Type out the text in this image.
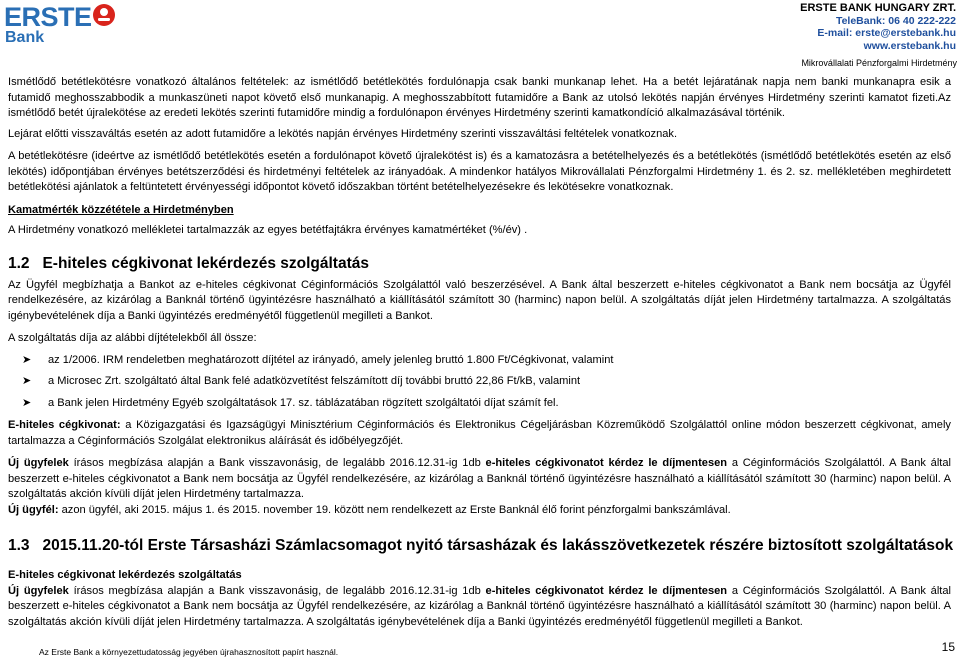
ERSTE
Bank
ERSTE BANK HUNGARY ZRT.
TeleBank: 06 40 222-222
E-mail: erste@erstebank.hu
www.erstebank.hu
Mikrovállalati Pénzforgalmi Hirdetmény

Ismétlődő betétlekötésre vonatkozó általános feltételek: az ismétlődő betétlekötés fordulónapja csak banki munkanap lehet. Ha a betét lejáratának napja nem banki munkanapra esik a futamidő meghosszabbodik a munkaszüneti napot követő első munkanapig. A meghosszabbított futamidőre a Bank az utolsó lekötés napján érvényes Hirdetmény szerinti kamatot fizeti.Az ismétlődő betét újralekötése az eredeti lekötés szerinti futamidőre mindig a fordulónapon érvényes Hirdetmény szerinti kamatkondíció alkalmazásával történik.

Lejárat előtti visszaváltás esetén az adott futamidőre a lekötés napján érvényes Hirdetmény szerinti visszaváltási feltételek vonatkoznak.

A betétlekötésre (ideértve az ismétlődő betétlekötés esetén a fordulónapot követő újralekötést is) és a kamatozásra a betételhelyezés és a betétlekötés (ismétlődő betétlekötés esetén az első lekötés) időpontjában érvényes betétszerződési és hirdetményi feltételek az irányadóak. A mindenkor hatályos Mikrovállalati Pénzforgalmi Hirdetmény 1. és 2. sz. mellékletében meghirdetett betétlekötési ajánlatok a feltüntetett érvényességi időpontot követő időszakban történt betételhelyezésekre és lekötésekre vonatkoznak.

Kamatmérték közzététele a Hirdetményben

A Hirdetmény vonatkozó mellékletei tartalmazzák az egyes betétfajtákra érvényes kamatmértéket (%/év) .

1.2   E-hiteles cégkivonat lekérdezés szolgáltatás

Az Ügyfél megbízhatja a Bankot az e-hiteles cégkivonat Céginformációs Szolgálattól való beszerzésével. A Bank által beszerzett e-hiteles cégkivonatot a Bank nem bocsátja az Ügyfél rendelkezésére, az kizárólag a Banknál történő ügyintézésre használható a kiállításától számított 30 (harminc) napon belül. A szolgáltatás díját jelen Hirdetmény tartalmazza. A szolgáltatás igénybevételének díja a Banki ügyintézés eredményétől függetlenül megilleti a Bankot.

A szolgáltatás díja az alábbi díjtételekből áll össze:

➤ az 1/2006. IRM rendeletben meghatározott díjtétel az irányadó, amely jelenleg bruttó 1.800 Ft/Cégkivonat, valamint
➤ a Microsec Zrt. szolgáltató által Bank felé adatközvetítést felszámított díj további bruttó 22,86 Ft/kB, valamint
➤ a Bank jelen Hirdetmény Egyéb szolgáltatások 17. sz. táblázatában rögzített szolgáltatói díjat számít fel.

E-hiteles cégkivonat: a Közigazgatási és Igazságügyi Minisztérium Céginformációs és Elektronikus Cégeljárásban Közreműködő Szolgálattól online módon beszerzett cégkivonat, amely tartalmazza a Céginformációs Szolgálat elektronikus aláírását és időbélyegzőjét.

Új ügyfelek írásos megbízása alapján a Bank visszavonásig, de legalább 2016.12.31-ig 1db e-hiteles cégkivonatot kérdez le díjmentesen a Céginformációs Szolgálattól. A Bank által beszerzett e-hiteles cégkivonatot a Bank nem bocsátja az Ügyfél rendelkezésére, az kizárólag a Banknál történő ügyintézésre használható a kiállításától számított 30 (harminc) napon belül. A szolgáltatás akción kívüli díját jelen Hirdetmény tartalmazza.

Új ügyfél: azon ügyfél, aki 2015. május 1. és 2015. november 19. között nem rendelkezett az Erste Banknál élő forint pénzforgalmi bankszámlával.

1.3   2015.11.20-tól Erste Társasházi Számlacsomagot nyitó társasházak és lakásszövetkezetek részére biztosított szolgáltatások

E-hiteles cégkivonat lekérdezés szolgáltatás

Új ügyfelek írásos megbízása alapján a Bank visszavonásig, de legalább 2016.12.31-ig 1db e-hiteles cégkivonatot kérdez le díjmentesen a Céginformációs Szolgálattól. A Bank által beszerzett e-hiteles cégkivonatot a Bank nem bocsátja az Ügyfél rendelkezésére, az kizárólag a Banknál történő ügyintézésre használható a kiállításától számított 30 (harminc) napon belül. A szolgáltatás akción kívüli díját jelen Hirdetmény tartalmazza. A szolgáltatás igénybevételének díja a Banki ügyintézés eredményétől függetlenül megilleti a Bankot.

Az Erste Bank a környezettudatosság jegyében újrahasznosított papírt használ.	15
